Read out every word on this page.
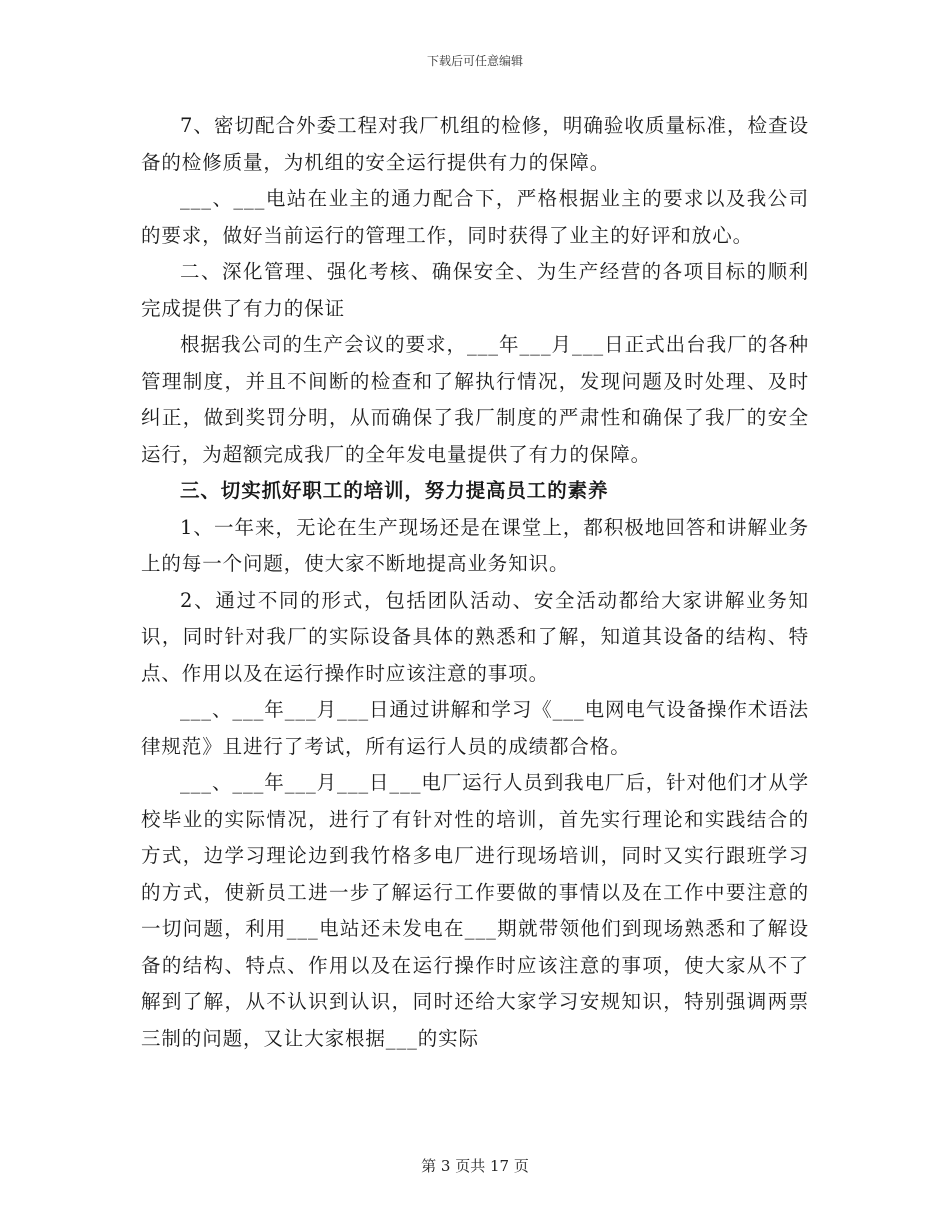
下载后可任意编辑

7、密切配合外委工程对我厂机组的检修，明确验收质量标准，检查设备的检修质量，为机组的安全运行提供有力的保障。

___、___电站在业主的通力配合下，严格根据业主的要求以及我公司的要求，做好当前运行的管理工作，同时获得了业主的好评和放心。

二、深化管理、强化考核、确保安全、为生产经营的各项目标的顺利完成提供了有力的保证

根据我公司的生产会议的要求，___年___月___日正式出台我厂的各种管理制度，并且不间断的检查和了解执行情况，发现问题及时处理、及时纠正，做到奖罚分明，从而确保了我厂制度的严肃性和确保了我厂的安全运行，为超额完成我厂的全年发电量提供了有力的保障。

三、切实抓好职工的培训，努力提高员工的素养

1、一年来，无论在生产现场还是在课堂上，都积极地回答和讲解业务上的每一个问题，使大家不断地提高业务知识。

2、通过不同的形式，包括团队活动、安全活动都给大家讲解业务知识，同时针对我厂的实际设备具体的熟悉和了解，知道其设备的结构、特点、作用以及在运行操作时应该注意的事项。

___、___年___月___日通过讲解和学习《___电网电气设备操作术语法律规范》且进行了考试，所有运行人员的成绩都合格。

___、___年___月___日___电厂运行人员到我电厂后，针对他们才从学校毕业的实际情况，进行了有针对性的培训，首先实行理论和实践结合的方式，边学习理论边到我竹格多电厂进行现场培训，同时又实行跟班学习的方式，使新员工进一步了解运行工作要做的事情以及在工作中要注意的一切问题，利用___电站还未发电在___期就带领他们到现场熟悉和了解设备的结构、特点、作用以及在运行操作时应该注意的事项，使大家从不了解到了解，从不认识到认识，同时还给大家学习安规知识，特别强调两票三制的问题，又让大家根据___的实际

第 3 页共 17 页
